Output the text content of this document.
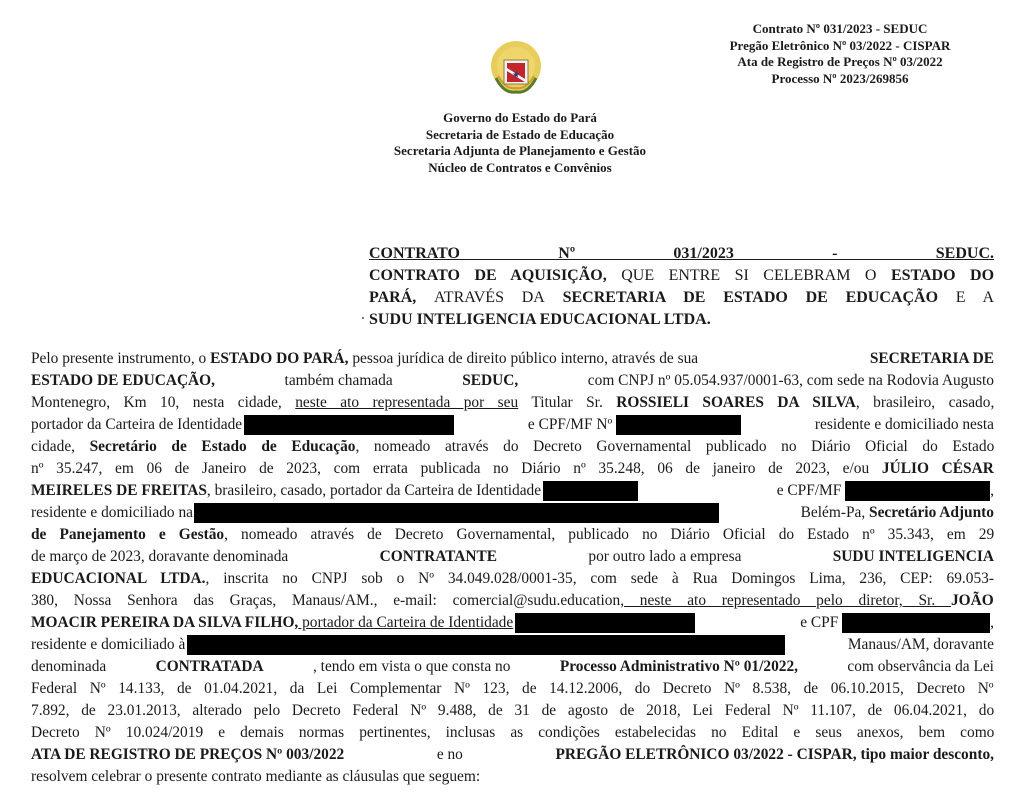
Contrato Nº 031/2023 - SEDUC
Pregão Eletrônico Nº 03/2022 - CISPAR
Ata de Registro de Preços Nº 03/2022
Processo Nº 2023/269856
Governo do Estado do Pará
Secretaria de Estado de Educação
Secretaria Adjunta de Planejamento e Gestão
Núcleo de Contratos e Convênios
CONTRATO Nº 031/2023 - SEDUC.
CONTRATO DE AQUISIÇÃO, QUE ENTRE SI CELEBRAM O ESTADO DO
PARÁ, ATRAVÉS DA SECRETARIA DE ESTADO DE EDUCAÇÃO E A
SUDU INTELIGENCIA EDUCACIONAL LTDA.
Pelo presente instrumento, o ESTADO DO PARÁ, pessoa jurídica de direito público interno, através de sua	SECRETARIA DE
ESTADO DE EDUCAÇÃO,	também chamada	SEDUC,	com CNPJ nº 05.054.937/0001-63, com sede na Rodovia Augusto
Montenegro, Km 10, nesta cidade, neste ato representada por seu Titular Sr. ROSSIELI SOARES DA SILVA, brasileiro, casado,
portador da Carteira de Identidade	e CPF/MF Nº	residente e domiciliado nesta
cidade, Secretário de Estado de Educação, nomeado através do Decreto Governamental publicado no Diário Oficial do Estado
nº 35.247, em 06 de Janeiro de 2023, com errata publicada no Diário nº 35.248, 06 de janeiro de 2023, e/ou JÚLIO CÉSAR
MEIRELES DE FREITAS, brasileiro, casado, portador da Carteira de Identidade	e CPF/MF	,
residente e domiciliado na	Belém-Pa, Secretário Adjunto
de Panejamento e Gestão, nomeado através de Decreto Governamental, publicado no Diário Oficial do Estado nº 35.343, em 29
de março de 2023, doravante denominada	CONTRATANTE	por outro lado a empresa	SUDU INTELIGENCIA
EDUCACIONAL LTDA., inscrita no CNPJ sob o Nº 34.049.028/0001-35, com sede à Rua Domingos Lima, 236, CEP: 69.053-
380, Nossa Senhora das Graças, Manaus/AM., e-mail: comercial@sudu.education, neste ato representado pelo diretor, Sr. JOÃO
MOACIR PEREIRA DA SILVA FILHO, portador da Carteira de Identidade	e CPF	,
residente e domiciliado à	Manaus/AM, doravante
denominada	CONTRATADA	, tendo em vista o que consta no	Processo Administrativo Nº 01/2022,	com observância da Lei
Federal Nº 14.133, de 01.04.2021, da Lei Complementar Nº 123, de 14.12.2006, do Decreto Nº 8.538, de 06.10.2015, Decreto Nº
7.892, de 23.01.2013, alterado pelo Decreto Federal Nº 9.488, de 31 de agosto de 2018, Lei Federal Nº 11.107, de 06.04.2021, do
Decreto Nº 10.024/2019 e demais normas pertinentes, inclusas as condições estabelecidas no Edital e seus anexos, bem como
ATA DE REGISTRO DE PREÇOS Nº 003/2022	e no	PREGÃO ELETRÔNICO 03/2022 - CISPAR, tipo maior desconto,
resolvem celebrar o presente contrato mediante as cláusulas que seguem:
